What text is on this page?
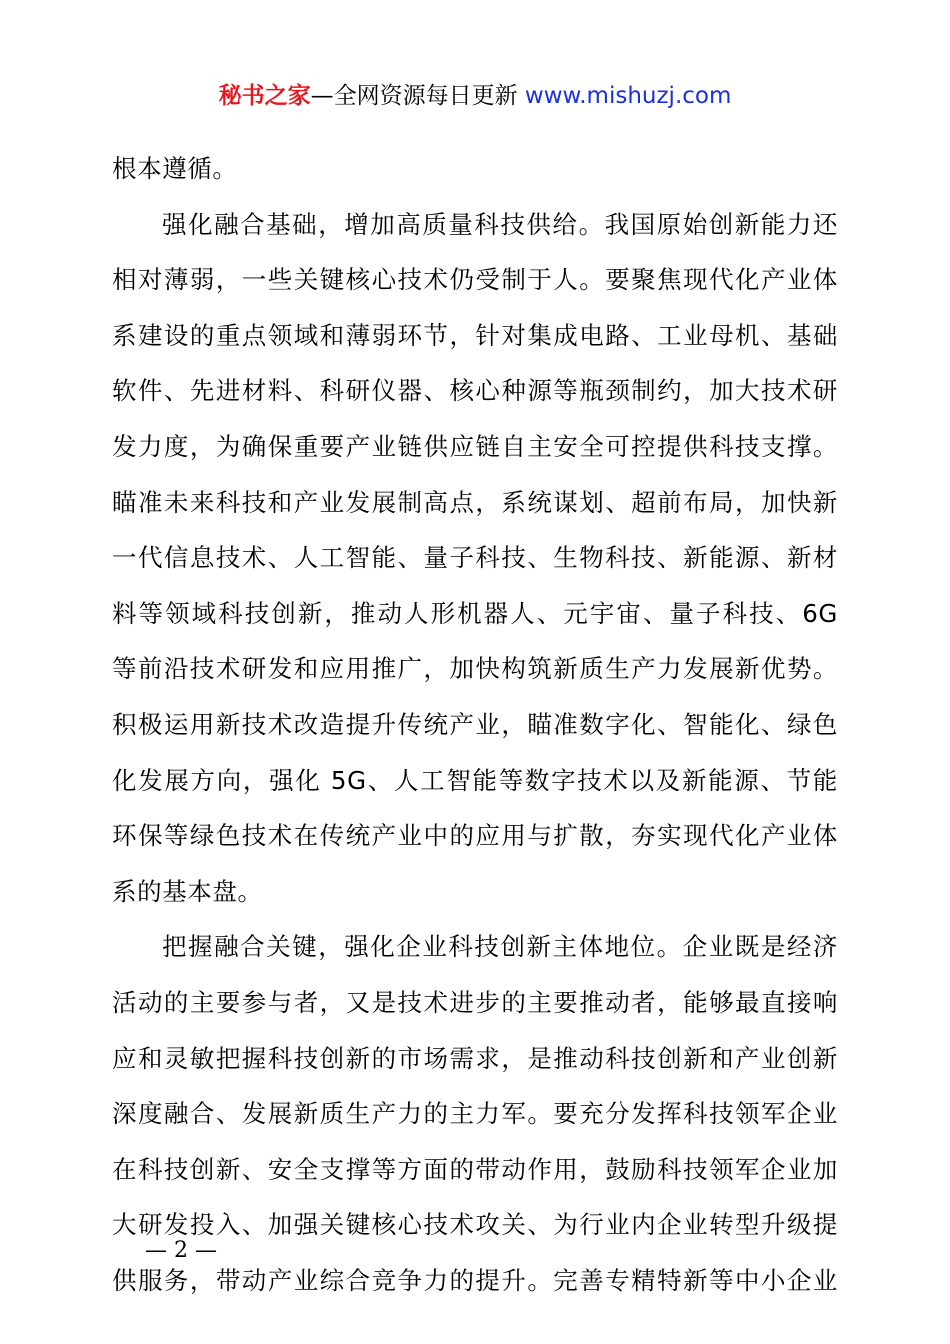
秘书之家—全网资源每日更新 www.mishuzj.com
根本遵循。
强化融合基础，增加高质量科技供给。我国原始创新能力还
相对薄弱，一些关键核心技术仍受制于人。要聚焦现代化产业体
系建设的重点领域和薄弱环节，针对集成电路、工业母机、基础
软件、先进材料、科研仪器、核心种源等瓶颈制约，加大技术研
发力度，为确保重要产业链供应链自主安全可控提供科技支撑。
瞄准未来科技和产业发展制高点，系统谋划、超前布局，加快新
一代信息技术、人工智能、量子科技、生物科技、新能源、新材
料等领域科技创新，推动人形机器人、元宇宙、量子科技、6G
等前沿技术研发和应用推广，加快构筑新质生产力发展新优势。
积极运用新技术改造提升传统产业，瞄准数字化、智能化、绿色
化发展方向，强化 5G、人工智能等数字技术以及新能源、节能
环保等绿色技术在传统产业中的应用与扩散，夯实现代化产业体
系的基本盘。
把握融合关键，强化企业科技创新主体地位。企业既是经济
活动的主要参与者，又是技术进步的主要推动者，能够最直接响
应和灵敏把握科技创新的市场需求，是推动科技创新和产业创新
深度融合、发展新质生产力的主力军。要充分发挥科技领军企业
在科技创新、安全支撑等方面的带动作用，鼓励科技领军企业加
大研发投入、加强关键核心技术攻关、为行业内企业转型升级提
供服务，带动产业综合竞争力的提升。完善专精特新等中小企业
— 2 —
